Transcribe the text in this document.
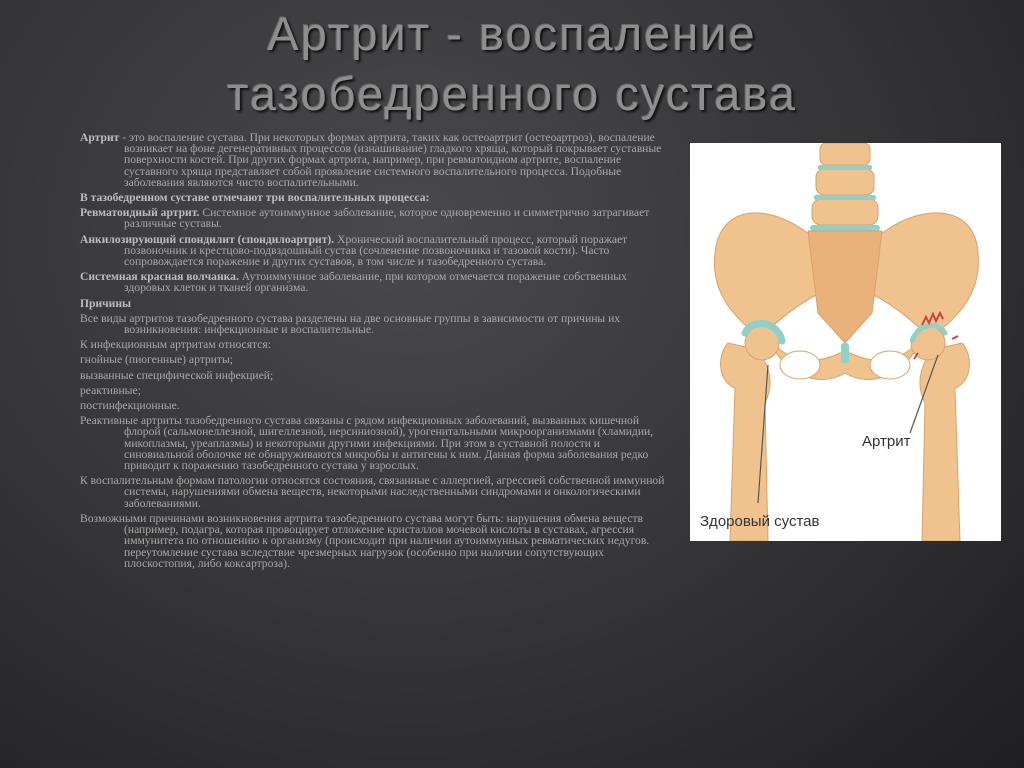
Артрит - воспаление
тазобедренного сустава

Артрит - это воспаление сустава. При некоторых формах артрита, таких как остеоартрит (остеоартроз), воспаление возникает на фоне дегенеративных процессов (изнашивание) гладкого хряща, который покрывает суставные поверхности костей. При других формах артрита, например, при ревматоидном артрите, воспаление суставного хряща представляет собой проявление системного воспалительного процесса. Подобные заболевания являются чисто воспалительными.

В тазобедренном суставе отмечают три воспалительных процесса:

Ревматоидный артрит. Системное аутоиммунное заболевание, которое одновременно и симметрично затрагивает различные суставы.

Анкилозирующий спондилит (спондилоартрит). Хронический воспалительный процесс, который поражает позвоночник и крестцово-подвздошный сустав (сочленение позвоночника и тазовой кости). Часто сопровождается поражение и других суставов, в том числе и тазобедренного сустава.

Системная красная волчанка. Аутоиммунное заболевание, при котором отмечается поражение собственных здоровых клеток и тканей организма.

Причины

Все виды артритов тазобедренного сустава разделены на две основные группы в зависимости от причины их возникновения: инфекционные и воспалительные.

К инфекционным артритам относятся:

гнойные (пиогенные) артриты;

вызванные специфической инфекцией;

реактивные;

постинфекционные.

Реактивные артриты тазобедренного сустава связаны с рядом инфекционных заболеваний, вызванных кишечной флорой (сальмонеллезной, шигеллезной, иерсиниозной), урогенитальными микроорганизмами (хламидии, микоплазмы, уреаплазмы) и некоторыми другими инфекциями. При этом в суставной полости и синовиальной оболочке не обнаруживаются микробы и антигены к ним. Данная форма заболевания редко приводит к поражению тазобедренного сустава у взрослых.

К воспалительным формам патологии относятся состояния, связанные с аллергией, агрессией собственной иммунной системы, нарушениями обмена веществ, некоторыми наследственными синдромами и онкологическими заболеваниями.

Возможными причинами возникновения артрита тазобедренного сустава могут быть: нарушения обмена веществ (например, подагра, которая провоцирует отложение кристаллов мочевой кислоты в суставах, агрессия иммунитета по отношению к организму (происходит при наличии аутоиммунных ревматических недугов. переутомление сустава вследствие чрезмерных нагрузок (особенно при наличии сопутствующих плоскостопия, либо коксартроза).

Артрит
Здоровый сустав
